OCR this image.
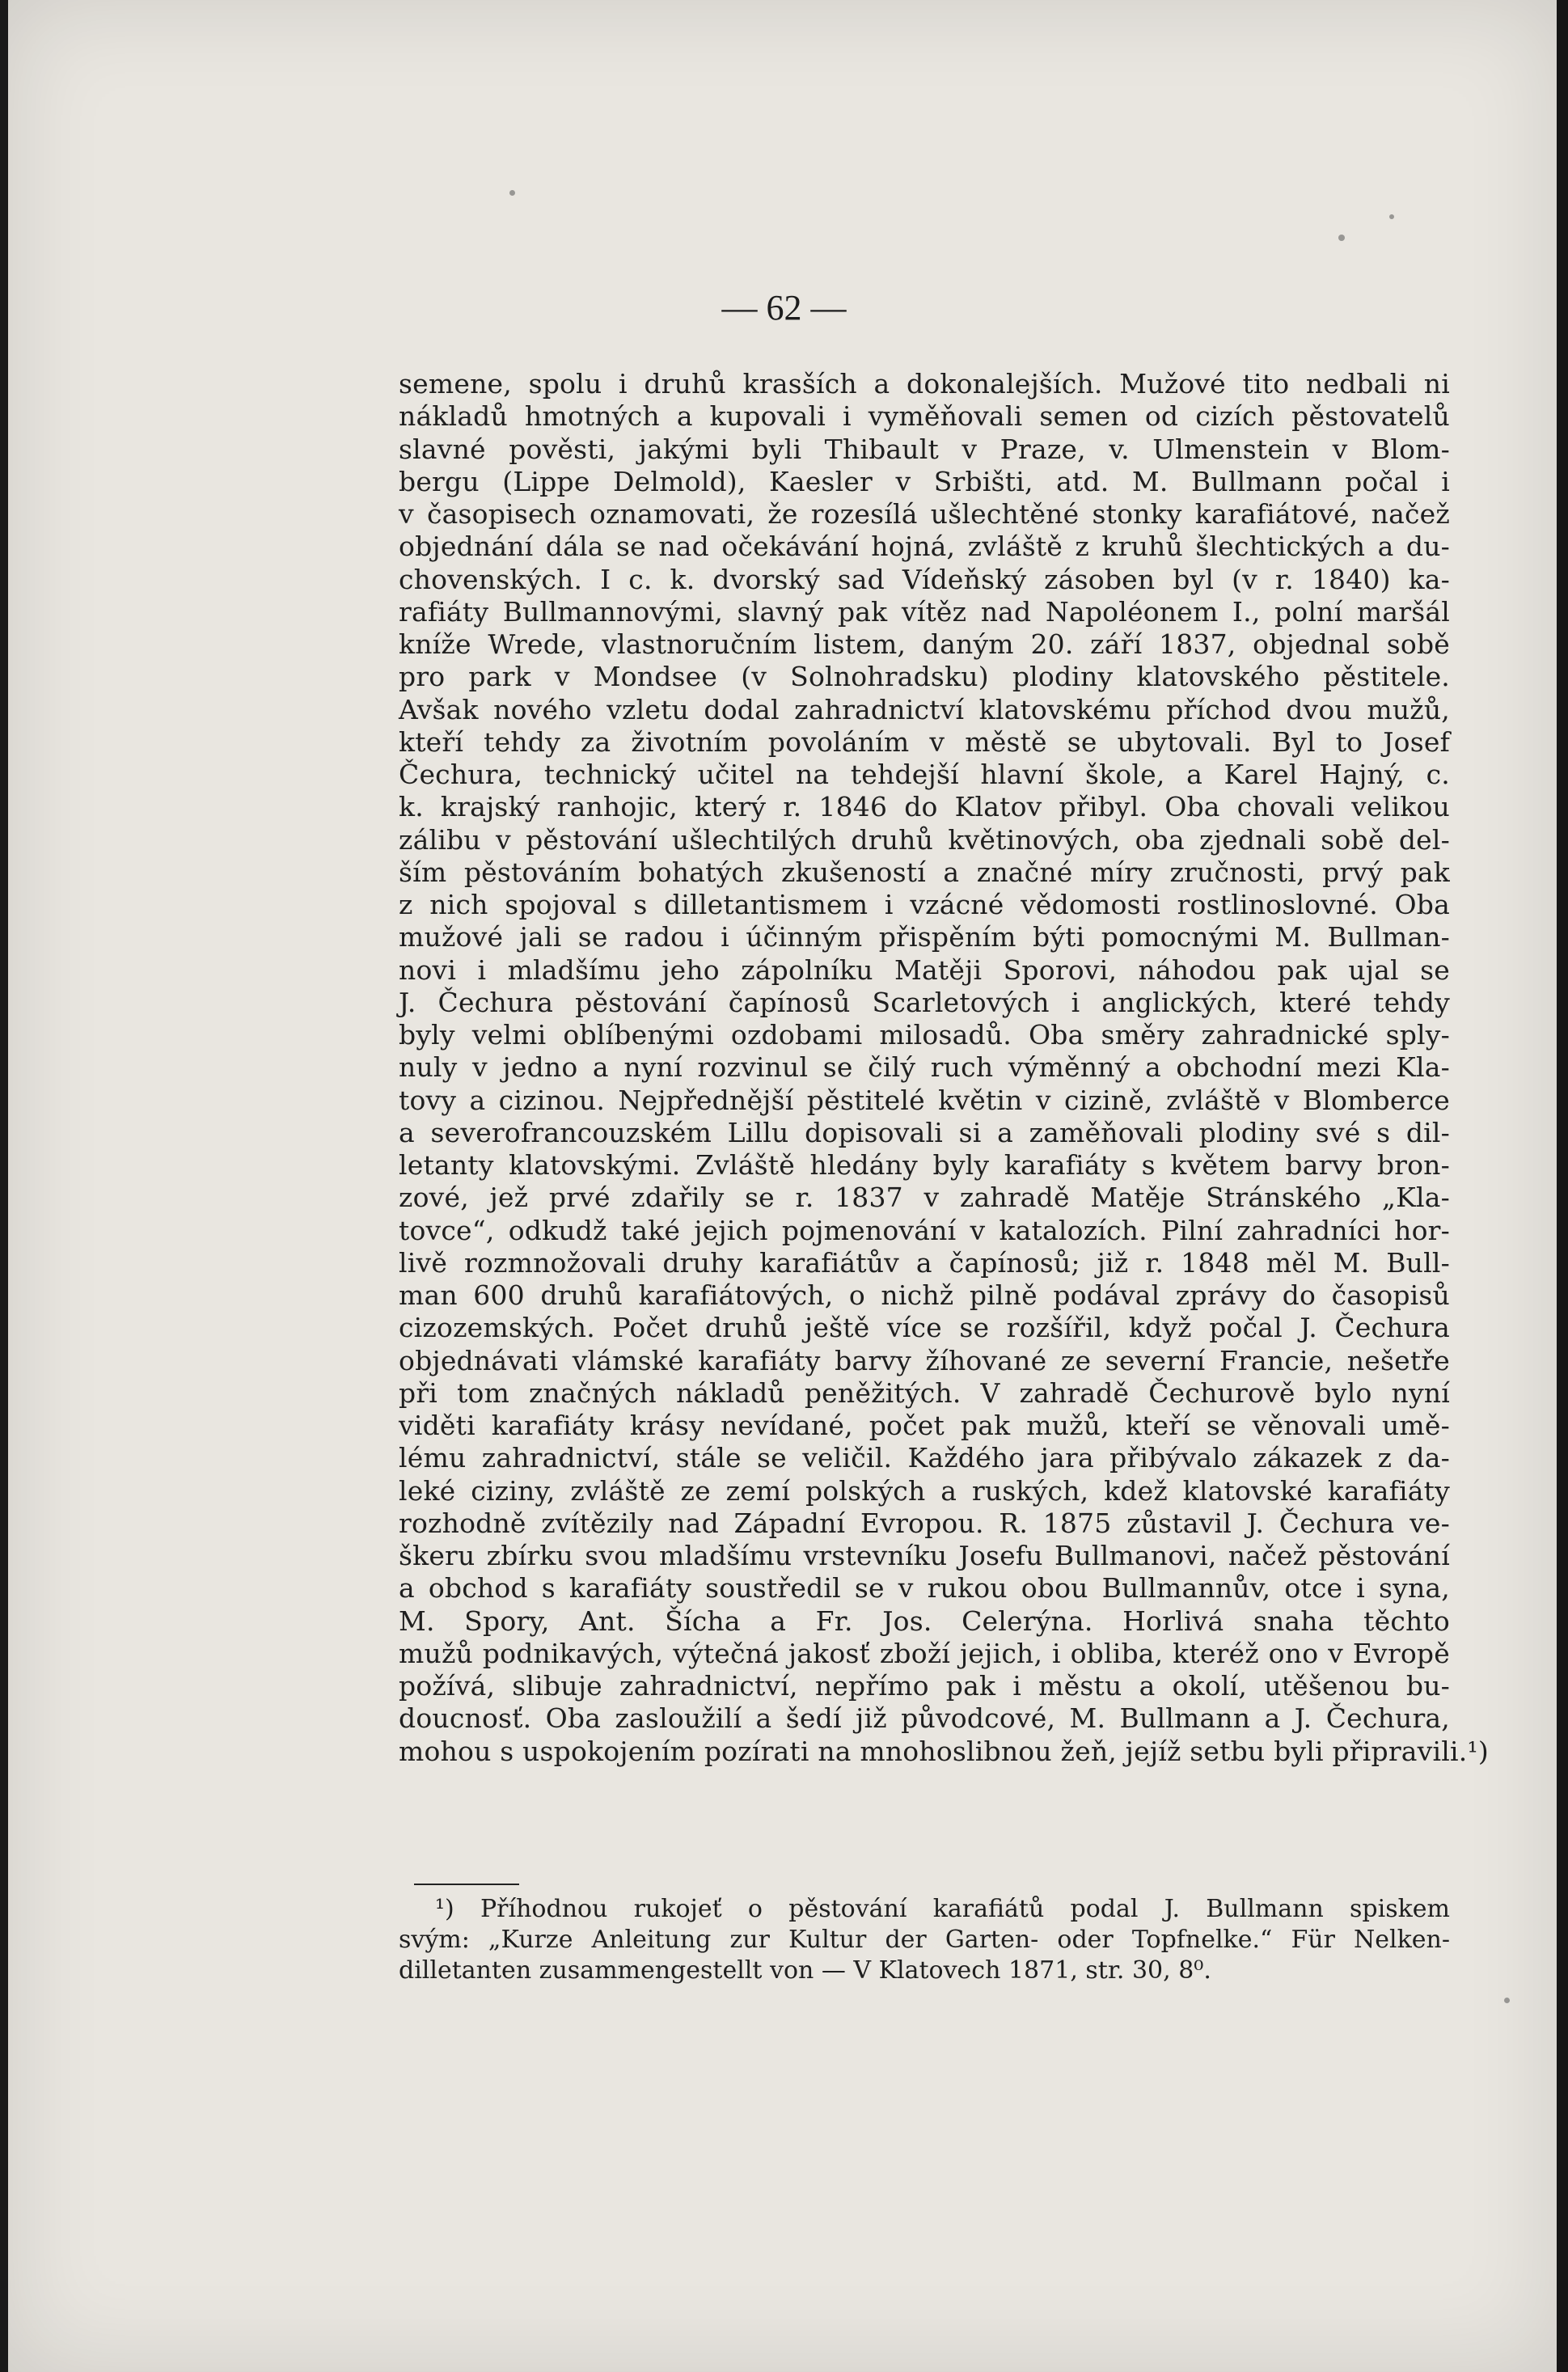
— 62 —
semene, spolu i druhů krasších a dokonalejších. Mužové tito nedbali ni
nákladů hmotných a kupovali i vyměňovali semen od cizích pěstovatelů
slavné pověsti, jakými byli Thibault v Praze, v. Ulmenstein v Blom-
bergu (Lippe Delmold), Kaesler v Srbišti, atd. M. Bullmann počal i
v časopisech oznamovati, že rozesílá ušlechtěné stonky karafiátové, načež
objednání dála se nad očekávání hojná, zvláště z kruhů šlechtických a du-
chovenských. I c. k. dvorský sad Vídeňský zásoben byl (v r. 1840) ka-
rafiáty Bullmannovými, slavný pak vítěz nad Napoléonem I., polní maršál
kníže Wrede, vlastnoručním listem, daným 20. září 1837, objednal sobě
pro park v Mondsee (v Solnohradsku) plodiny klatovského pěstitele.
Avšak nového vzletu dodal zahradnictví klatovskému příchod dvou mužů,
kteří tehdy za životním povoláním v městě se ubytovali. Byl to Josef
Čechura, technický učitel na tehdejší hlavní škole, a Karel Hajný, c.
k. krajský ranhojic, který r. 1846 do Klatov přibyl. Oba chovali velikou
zálibu v pěstování ušlechtilých druhů květinových, oba zjednali sobě del-
ším pěstováním bohatých zkušeností a značné míry zručnosti, prvý pak
z nich spojoval s dilletantismem i vzácné vědomosti rostlinoslovné. Oba
mužové jali se radou i účinným přispěním býti pomocnými M. Bullman-
novi i mladšímu jeho zápolníku Matěji Sporovi, náhodou pak ujal se
J. Čechura pěstování čapínosů Scarletových i anglických, které tehdy
byly velmi oblíbenými ozdobami milosadů. Oba směry zahradnické sply-
nuly v jedno a nyní rozvinul se čilý ruch výměnný a obchodní mezi Kla-
tovy a cizinou. Nejpřednější pěstitelé květin v cizině, zvláště v Blomberce
a severofrancouzském Lillu dopisovali si a zaměňovali plodiny své s dil-
letanty klatovskými. Zvláště hledány byly karafiáty s květem barvy bron-
zové, jež prvé zdařily se r. 1837 v zahradě Matěje Stránského „Kla-
tovce“, odkudž také jejich pojmenování v katalozích. Pilní zahradníci hor-
livě rozmnožovali druhy karafiátův a čapínosů; již r. 1848 měl M. Bull-
man 600 druhů karafiátových, o nichž pilně podával zprávy do časopisů
cizozemských. Počet druhů ještě více se rozšířil, když počal J. Čechura
objednávati vlámské karafiáty barvy žíhované ze severní Francie, nešetře
při tom značných nákladů peněžitých. V zahradě Čechurově bylo nyní
viděti karafiáty krásy nevídané, počet pak mužů, kteří se věnovali umě-
lému zahradnictví, stále se veličil. Každého jara přibývalo zákazek z da-
leké ciziny, zvláště ze zemí polských a ruských, kdež klatovské karafiáty
rozhodně zvítězily nad Západní Evropou. R. 1875 zůstavil J. Čechura ve-
škeru zbírku svou mladšímu vrstevníku Josefu Bullmanovi, načež pěstování
a obchod s karafiáty soustředil se v rukou obou Bullmannův, otce i syna,
M. Spory, Ant. Šícha a Fr. Jos. Celerýna. Horlivá snaha těchto
mužů podnikavých, výtečná jakosť zboží jejich, i obliba, kteréž ono v Evropě
požívá, slibuje zahradnictví, nepřímo pak i městu a okolí, utěšenou bu-
doucnosť. Oba zasloužilí a šedí již původcové, M. Bullmann a J. Čechura,
mohou s uspokojením pozírati na mnohoslibnou žeň, jejíž setbu byli připravili.¹)
¹) Příhodnou rukojeť o pěstování karafiátů podal J. Bullmann spiskem
svým: „Kurze Anleitung zur Kultur der Garten- oder Topfnelke.“ Für Nelken-
dilletanten zusammengestellt von — V Klatovech 1871, str. 30, 8⁰.
